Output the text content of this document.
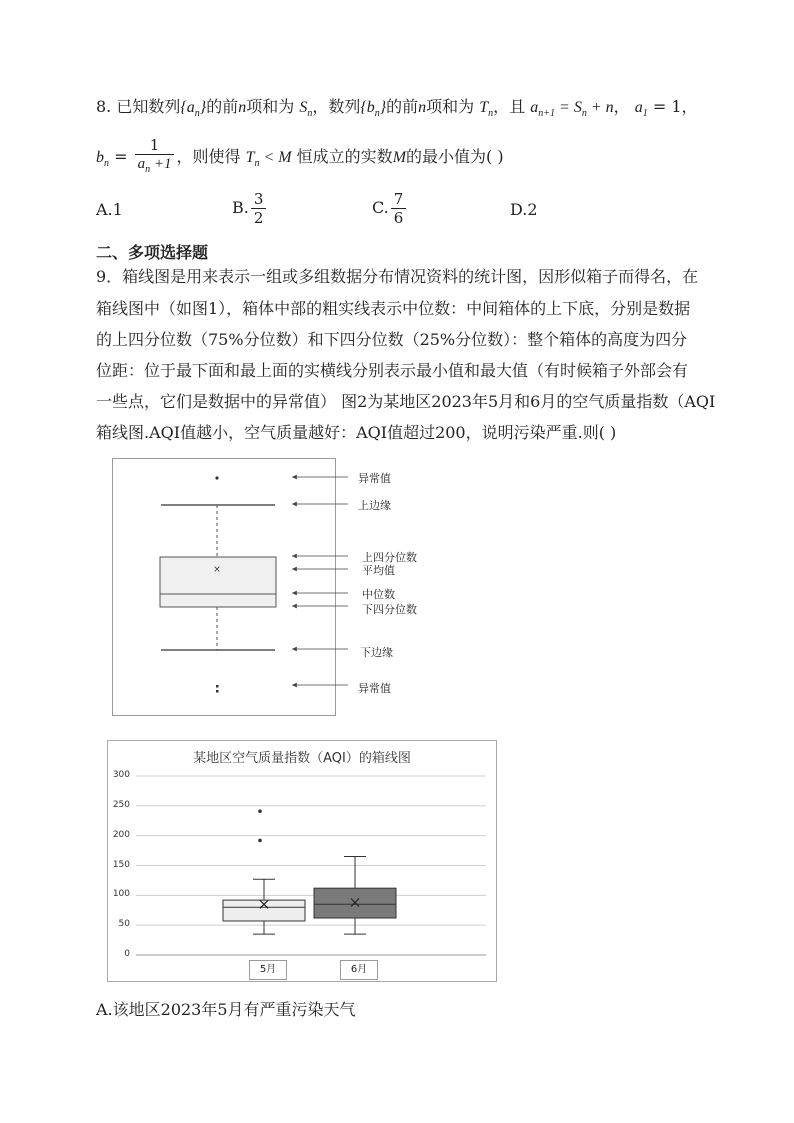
8. 已知数列$\{a_n\}$的前n项和为 $S_n$，数列$\{b_n\}$的前n项和为 $T_n$，且 $a_{n+1} = S_n + n$， $a_1 = 1$，
$b_n = \frac{1}{a_n +1}$ ，则使得 $T_n < M$ 恒成立的实数M的最小值为( )
A.1	B. $\frac{3}{2}$	C. $\frac{7}{6}$	D.2
二、多项选择题
9．箱线图是用来表示一组或多组数据分布情况资料的统计图，因形似箱子而得名，在
箱线图中（如图1），箱体中部的粗实线表示中位数：中间箱体的上下底，分别是数据
的上四分位数（75%分位数）和下四分位数（25%分位数）：整个箱体的高度为四分
位距：位于最下面和最上面的实横线分别表示最小值和最大值（有时候箱子外部会有
一些点，它们是数据中的异常值） 图2为某地区2023年5月和6月的空气质量指数（AQI
箱线图.AQI值越小，空气质量越好：AQI值超过200，说明污染严重.则( )
×
异常值
上边缘
上四分位数
平均值
中位数
下四分位数
下边缘
异常值
某地区空气质量指数（AQI）的箱线图
0
50
100
150
200
250
300
5月	6月
A.该地区2023年5月有严重污染天气
